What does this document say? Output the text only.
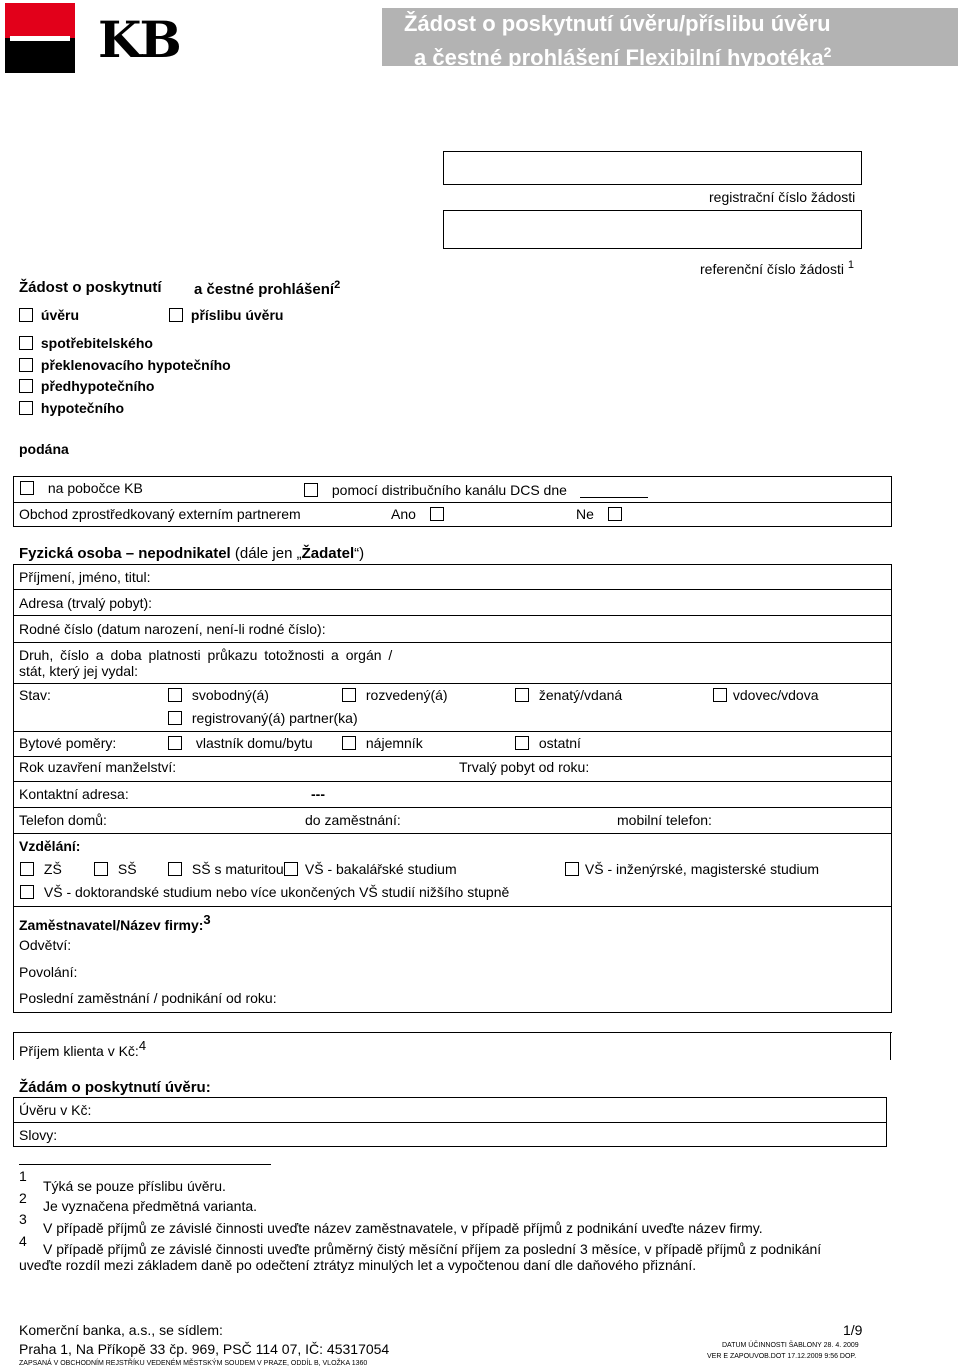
KB	Žádost o poskytnutí úvěru/příslibu úvěru
a čestné prohlášení Flexibilní hypotéka$^2$
registrační číslo žádosti
referenční číslo žádosti $^1$
Žádost o poskytnutí a čestné prohlášení$^2$
úvěru	příslibu úvěru
spotřebitelského
překlenovacího hypotečního
předhypotečního
hypotečního
podána
na pobočce KB	pomocí distribučního kanálu DCS dne
Obchod zprostředkovaný externím partnerem	Ano	Ne
Fyzická osoba – nepodnikatel (dále jen „Žadatel“)
Příjmení, jméno, titul:
Adresa (trvalý pobyt):
Rodné číslo (datum narození, není-li rodné číslo):
Druh, číslo a doba platnosti průkazu totožnosti a orgán /
stát, který jej vydal:
Stav:	svobodný(á)	rozvedený(á)	ženatý/vdaná	vdovec/vdova
registrovaný(á) partner(ka)
Bytové poměry:	vlastník domu/bytu	nájemník	ostatní
Rok uzavření manželství:	Trvalý pobyt od roku:
Kontaktní adresa:	---
Telefon domů:	do zaměstnání:	mobilní telefon:
Vzdělání:
ZŠ	SŠ	SŠ s maturitou	VŠ - bakalářské studium	VŠ - inženýrské, magisterské studium
VŠ - doktorandské studium nebo více ukončených VŠ studií nižšího stupně
Zaměstnavatel/Název firmy:3
Odvětví:
Povolání:
Poslední zaměstnání / podnikání od roku:
Příjem klienta v Kč:4
Žádám o poskytnutí úvěru:
Úvěru v Kč:
Slovy:
1
Týká se pouze příslibu úvěru.
2 Je vyznačena předmětná varianta.
3
V případě příjmů ze závislé činnosti uveďte název zaměstnavatele, v případě příjmů z podnikání uveďte název firmy.
4 V případě příjmů ze závislé činnosti uveďte průměrný čistý měsíční příjem za poslední 3 měsíce, v případě příjmů z podnikání
uveďte rozdíl mezi základem daně po odečtení ztrátyz minulých let a vypočtenou daní dle daňového přiznání.
Komerční banka, a.s., se sídlem:
Praha 1, Na Příkopě 33 čp. 969, PSČ 114 07, IČ: 45317054
ZAPSANÁ V OBCHODNÍM REJSTŘÍKU VEDENÉM MĚSTSKÝM SOUDEM V PRAZE, ODDÍL B, VLOŽKA 1360
1/9
DATUM ÚČINNOSTI ŠABLONY 28. 4. 2009
VER E ZAPOUVOB.DOT 17.12.2009 9:56 DOP.
